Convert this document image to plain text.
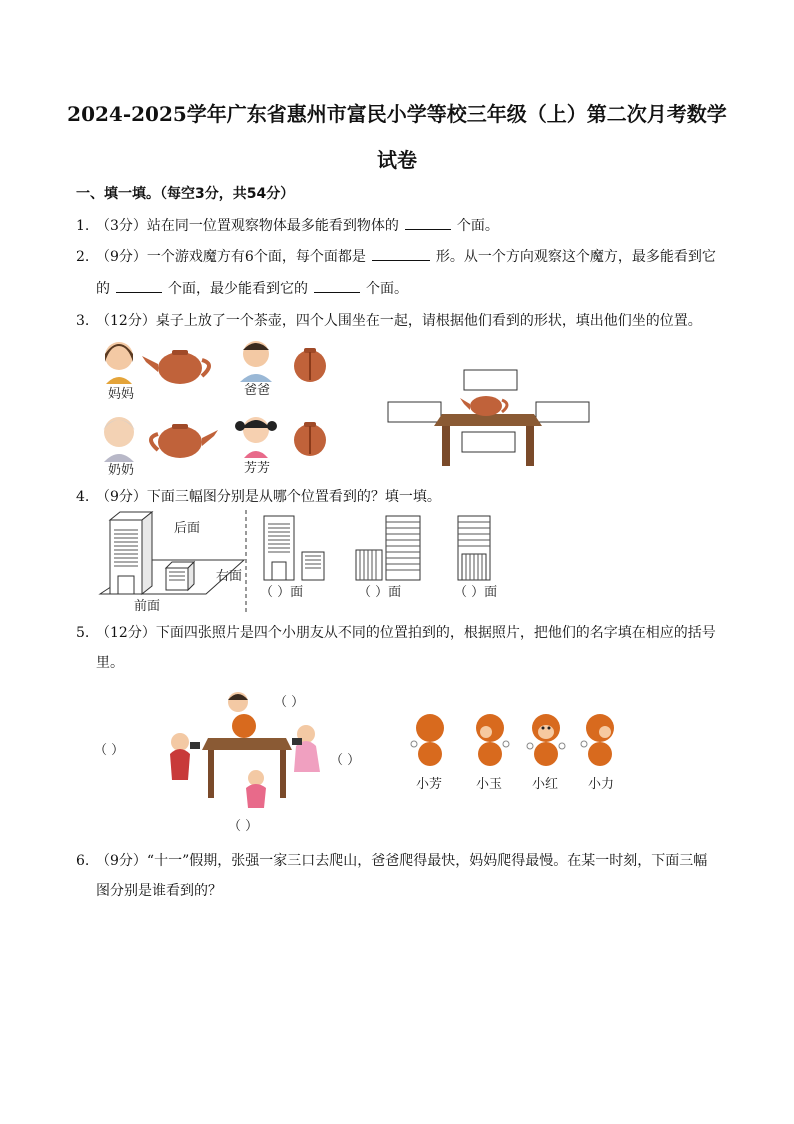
2024-2025学年广东省惠州市富民小学等校三年级（上）第二次月考数学
试卷
一、填一填。（每空3分，共54分）
1. （3分）站在同一位置观察物体最多能看到物体的	个面。
2. （9分）一个游戏魔方有6个面，每个面都是	形。从一个方向观察这个魔方，最多能看到它
的	个面，最少能看到它的	个面。
3. （12分）桌子上放了一个茶壶，四个人围坐在一起，请根据他们看到的形状，填出他们坐的位置。
妈妈	爸爸
奶奶	芳芳
4. （9分）下面三幅图分别是从哪个位置看到的？填一填。
后面
右面
前面
（ ）面	（ ）面	（ ）面
5. （12分）下面四张照片是四个小朋友从不同的位置拍到的，根据照片，把他们的名字填在相应的括号
里。
（ ）
（ ）
（ ）
（ ）
小芳	小玉 小红 小力
6. （9分）“十一”假期，张强一家三口去爬山，爸爸爬得最快，妈妈爬得最慢。在某一时刻，下面三幅
图分别是谁看到的？
